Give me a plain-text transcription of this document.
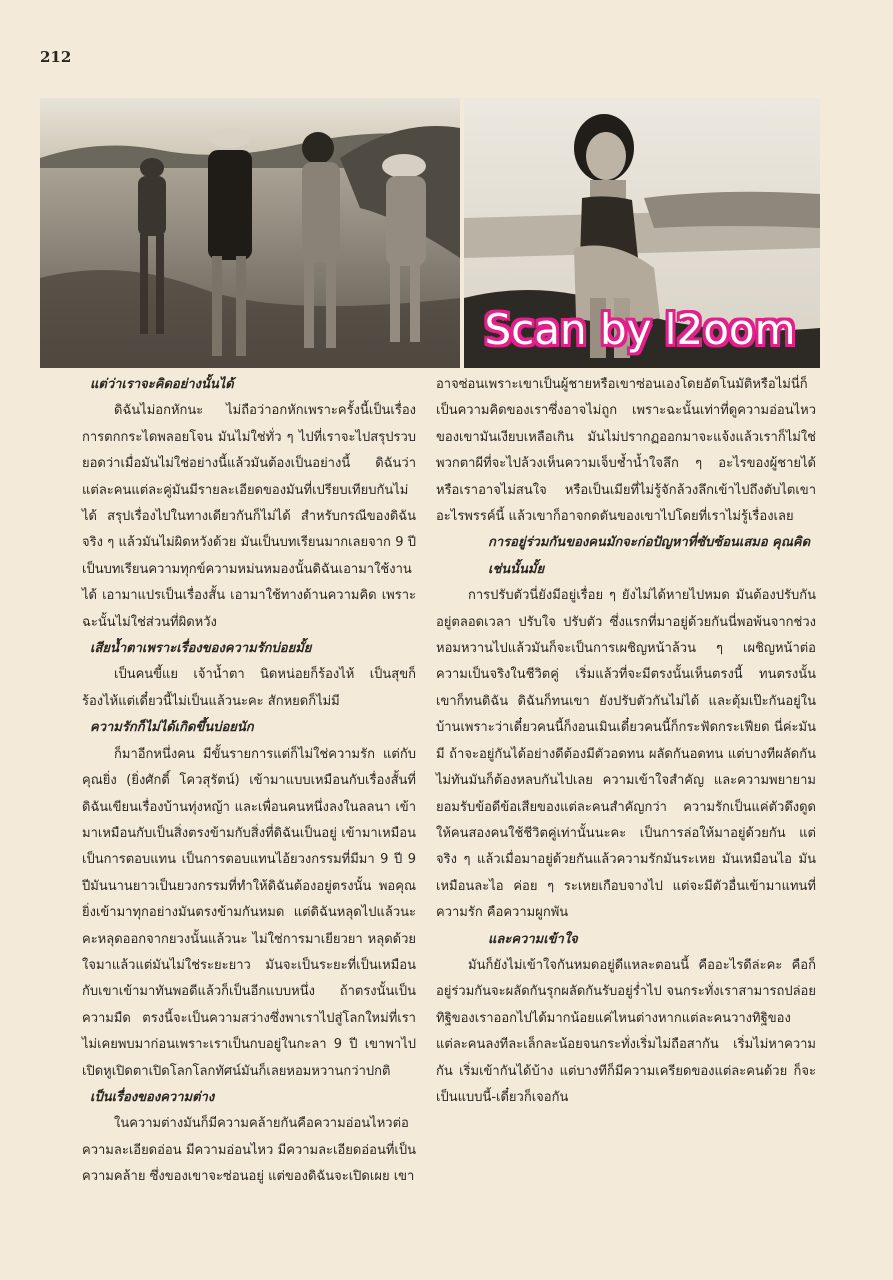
212
Scan by l2oom
แต่ว่าเราจะคิดอย่างนั้นได้

ดิฉันไม่อกหักนะ ไม่ถือว่าอกหักเพราะครั้งนี้เป็นเรื่องการตกกระไดพลอยโจน มันไม่ใช่ทั่ว ๆ ไปที่เราจะไปสรุปรวบยอดว่าเมื่อมันไม่ใช่อย่างนี้แล้วมันต้องเป็นอย่างนี้ ดิฉันว่าแต่ละคนแต่ละคู่มันมีรายละเอียดของมันที่เปรียบเทียบกันไม่ได้ สรุปเรื่องไปในทางเดียวกันก็ไม่ได้ สำหรับกรณีของดิฉัน จริง ๆ แล้วมันไม่ผิดหวังด้วย มันเป็นบทเรียนมากเลยจาก 9 ปี เป็นบทเรียนความทุกข์ความหม่นหมองนั้นดิฉันเอามาใช้งานได้ เอามาแปรเป็นเรื่องสั้น เอามาใช้ทางด้านความคิด เพราะฉะนั้นไม่ใช่ส่วนที่ผิดหวัง

เสียน้ำตาเพราะเรื่องของความรักบ่อยมั้ย

เป็นคนขี้แย เจ้าน้ำตา นิดหน่อยก็ร้องไห้ เป็นสุขก็ร้องไห้แต่เดี๋ยวนี้ไม่เป็นแล้วนะคะ สักหยดก็ไม่มี

ความรักก็ไม่ได้เกิดขึ้นบ่อยนัก

ก็มาอีกหนึ่งคน มีขั้นรายการแต่ก็ไม่ใช่ความรัก แต่กับคุณยิ่ง (ยิ่งศักดิ์ โควสุรัตน์) เข้ามาแบบเหมือนกับเรื่องสั้นที่ดิฉันเขียนเรื่องบ้านทุ่งหญ้า และเพื่อนคนหนึ่งลงในลลนา เข้ามาเหมือนกับเป็นสิ่งตรงข้ามกับสิ่งที่ดิฉันเป็นอยู่ เข้ามาเหมือนเป็นการตอบแทน เป็นการตอบแทนไอ้ยวงกรรมที่มีมา 9 ปี 9 ปีมันนานยาวเป็นยวงกรรมที่ทำให้ดิฉันต้องอยู่ตรงนั้น พอคุณยิ่งเข้ามาทุกอย่างมันตรงข้ามกันหมด แต่ดิฉันหลุดไปแล้วนะคะหลุดออกจากยวงนั้นแล้วนะ ไม่ใช่การมาเยียวยา หลุดด้วยใจมาแล้วแต่มันไม่ใช่ระยะยาว มันจะเป็นระยะที่เป็นเหมือนกับเขาเข้ามาทันพอดีแล้วก็เป็นอีกแบบหนึ่ง ถ้าตรงนั้นเป็นความมืด ตรงนี้จะเป็นความสว่างซึ่งพาเราไปสู่โลกใหม่ที่เราไม่เคยพบมาก่อนเพราะเราเป็นกบอยู่ในกะลา 9 ปี เขาพาไปเปิดหูเปิดตาเปิดโลกโลกทัศน์มันก็เลยหอมหวานกว่าปกติ

เป็นเรื่องของความต่าง

ในความต่างมันก็มีความคล้ายกันคือความอ่อนไหวต่อความละเอียดอ่อน มีความอ่อนไหว มีความละเอียดอ่อนที่เป็นความคล้าย ซึ่งของเขาจะซ่อนอยู่ แต่ของดิฉันจะเปิดเผย เขา

อาจซ่อนเพราะเขาเป็นผู้ชายหรือเขาซ่อนเองโดยอัตโนมัติหรือไม่นี่ก็เป็นความคิดของเราซึ่งอาจไม่ถูก เพราะฉะนั้นเท่าที่ดูความอ่อนไหวของเขามันเงียบเหลือเกิน มันไม่ปรากฏออกมาจะแจ้งแล้วเราก็ไม่ใช่พวกตาผีที่จะไปล้วงเห็นความเจ็บช้ำน้ำใจลึก ๆ อะไรของผู้ชายได้ หรือเราอาจไม่สนใจ หรือเป็นเมียที่ไม่รู้จักล้วงลึกเข้าไปถึงตับไตเขาอะไรพรรค์นี้ แล้วเขาก็อาจกดดันของเขาไปโดยที่เราไม่รู้เรื่องเลย

การอยู่ร่วมกันของคนมักจะก่อปัญหาที่ซับซ้อนเสมอ คุณคิดเช่นนั้นมั้ย

การปรับตัวนี่ยังมีอยู่เรื่อย ๆ ยังไม่ได้หายไปหมด มันต้องปรับกันอยู่ตลอดเวลา ปรับใจ ปรับตัว ซึ่งแรกที่มาอยู่ด้วยกันนี่พอพ้นจากช่วงหอมหวานไปแล้วมันก็จะเป็นการเผชิญหน้าล้วน ๆ เผชิญหน้าต่อความเป็นจริงในชีวิตคู่ เริ่มแล้วที่จะมีตรงนั้นเห็นตรงนี้ ทนตรงนั้น เขาก็ทนดิฉัน ดิฉันก็ทนเขา ยังปรับตัวกันไม่ได้ และตุ้มเป๊ะกันอยู่ในบ้านเพราะว่าเดี๋ยวคนนี้ก็งอนเมินเดี๋ยวคนนี้ก็กระฟัดกระเฟียด นี่ค่ะมันมี ถ้าจะอยู่กันได้อย่างดีต้องมีตัวอดทน ผลัดกันอดทน แต่บางทีผลัดกันไม่ทันมันก็ต้องหลบกันไปเลย ความเข้าใจสำคัญ และความพยายามยอมรับข้อดีข้อเสียของแต่ละคนสำคัญกว่า ความรักเป็นแค่ตัวดึงดูดให้คนสองคนใช้ชีวิตคู่เท่านั้นนะคะ เป็นการล่อให้มาอยู่ด้วยกัน แต่จริง ๆ แล้วเมื่อมาอยู่ด้วยกันแล้วความรักมันระเหย มันเหมือนไอ มันเหมือนละไอ ค่อย ๆ ระเหยเกือบจางไป แต่จะมีตัวอื่นเข้ามาแทนที่ความรัก คือความผูกพัน

และความเข้าใจ

มันก็ยังไม่เข้าใจกันหมดอยู่ดีแหละตอนนี้ คืออะไรดีล่ะคะ คือก็อยู่ร่วมกันจะผลัดกันรุกผลัดกันรับอยู่ร่ำไป จนกระทั่งเราสามารถปล่อยทิฐิของเราออกไปได้มากน้อยแค่ไหนต่างหากแต่ละคนวางทิฐิของแต่ละคนลงทีละเล็กละน้อยจนกระทั่งเริ่มไม่ถือสากัน เริ่มไม่หาความกัน เริ่มเข้ากันได้บ้าง แต่บางทีก็มีความเครียดของแต่ละคนด้วย ก็จะเป็นแบบนี้-เดี๋ยวก็เจอกัน
